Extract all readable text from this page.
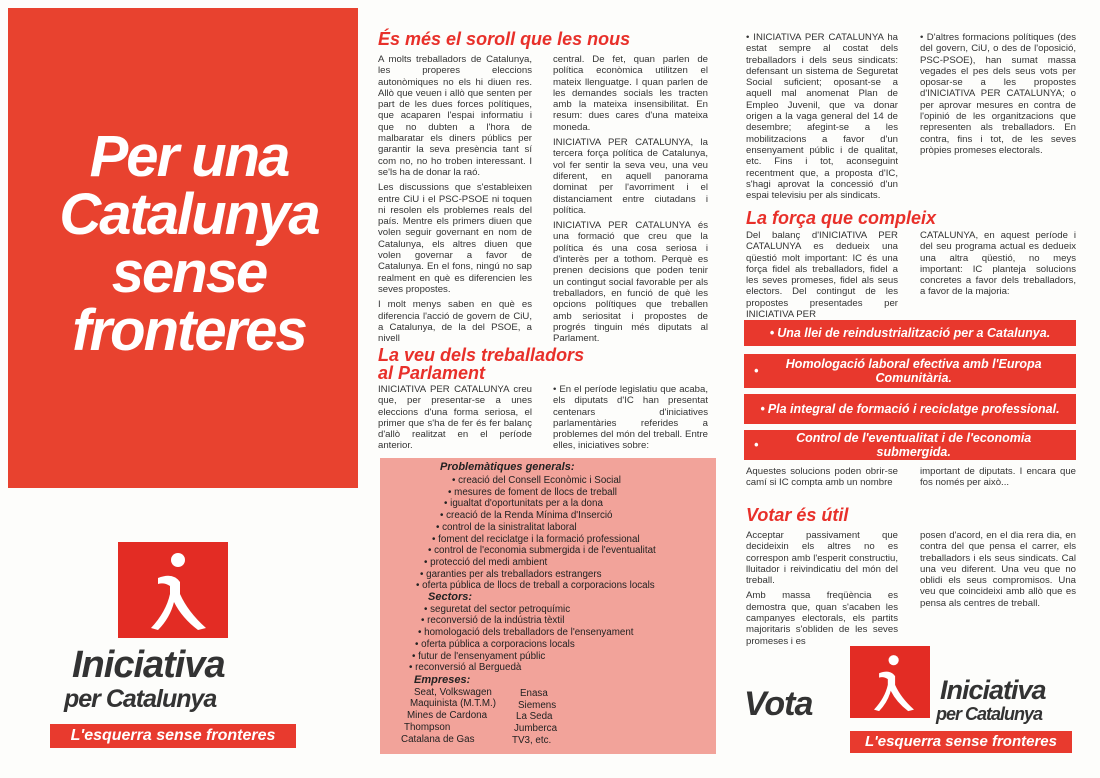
Per una
Catalunya
sense
fronteres
Iniciativa
per Catalunya
L'esquerra sense fronteres
És més el soroll que les nous

A molts treballadors de Catalunya, les properes eleccions autonòmiques no els hi diuen res. Allò que veuen i allò que senten per part de les dues forces polítiques, que acaparen l'espai informatiu i que no dubten a l'hora de malbaratar els diners públics per garantir la seva presència tant sí com no, no ho troben interessant. I se'ls ha de donar la raó.

Les discussions que s'estableixen entre CiU i el PSC-PSOE ni toquen ni resolen els problemes reals del país. Mentre els primers diuen que volen seguir governant en nom de Catalunya, els altres diuen que volen governar a favor de Catalunya. En el fons, ningú no sap realment en què es diferencien les seves propostes.

I molt menys saben en què es diferencia l'acció de govern de CiU, a Catalunya, de la del PSOE, a nivell

central. De fet, quan parlen de política econòmica utilitzen el mateix llenguatge. I quan parlen de les demandes socials les tracten amb la mateixa insensibilitat. En resum: dues cares d'una mateixa moneda.

INICIATIVA PER CATALUNYA, la tercera força política de Catalunya, vol fer sentir la seva veu, una veu diferent, en aquell panorama dominat per l'avorriment i el distanciament entre ciutadans i política.

INICIATIVA PER CATALUNYA és una formació que creu que la política és una cosa seriosa i d'interès per a tothom. Perquè es prenen decisions que poden tenir un contingut social favorable per als treballadors, en funció de què les opcions polítiques que treballen amb seriositat i propostes de progrés tinguin més diputats al Parlament.

La veu dels treballadors
al Parlament
INICIATIVA PER CATALUNYA creu que, per presentar-se a unes eleccions d'una forma seriosa, el primer que s'ha de fer és fer balanç d'allò realitzat en el període anterior.
• En el període legislatiu que acaba, els diputats d'IC han presentat centenars d'iniciatives parlamentàries referides a problemes del món del treball. Entre elles, iniciatives sobre:
Problemàtiques generals:
• creació del Consell Econòmic i Social
• mesures de foment de llocs de treball
• igualtat d'oportunitats per a la dona
• creació de la Renda Mínima d'Inserció
• control de la sinistralitat laboral
• foment del reciclatge i la formació professional
• control de l'economia submergida i de l'eventualitat
• protecció del medi ambient
• garanties per als treballadors estrangers
• oferta pública de llocs de treball a corporacions locals
Sectors:
• seguretat del sector petroquímic
• reconversió de la indústria tèxtil
• homologació dels treballadors de l'ensenyament
• oferta pública a corporacions locals
• futur de l'ensenyament públic
• reconversió al Berguedà
Empreses:
Seat, Volkswagen
Maquinista (M.T.M.)
Mines de Cardona
Thompson
Catalana de Gas
Enasa
Siemens
La Seda
Jumberca
TV3, etc.
• INICIATIVA PER CATALUNYA ha estat sempre al costat dels treballadors i dels seus sindicats: defensant un sistema de Seguretat Social suficient; oposant-se a aquell mal anomenat Plan de Empleo Juvenil, que va donar origen a la vaga general del 14 de desembre; afegint-se a les mobilitzacions a favor d'un ensenyament públic i de qualitat, etc. Fins i tot, aconseguint recentment que, a proposta d'IC, s'hagi aprovat la concessió d'un espai televisiu per als sindicats.
• D'altres formacions polítiques (des del govern, CiU, o des de l'oposició, PSC-PSOE), han sumat massa vegades el pes dels seus vots per oposar-se a les propostes d'INICIATIVA PER CATALUNYA; o per aprovar mesures en contra de l'opinió de les organitzacions que representen als treballadors. En contra, fins i tot, de les seves pròpies promeses electorals.
La força que compleix
Del balanç d'INICIATIVA PER CATALUNYA es dedueix una qüestió molt important: IC és una força fidel als treballadors, fidel a les seves promeses, fidel als seus electors. Del contingut de les propostes presentades per INICIATIVA PER
CATALUNYA, en aquest període i del seu programa actual es dedueix una altra qüestió, no meys important: IC planteja solucions concretes a favor dels treballadors, a favor de la majoria:
• Una llei de reindustrialització per a Catalunya.
• Homologació laboral efectiva amb l'Europa Comunitària.
• Pla integral de formació i reciclatge professional.
• Control de l'eventualitat i de l'economia submergida.
Aquestes solucions poden obrir-se camí si IC compta amb un nombre
important de diputats. I encara que fos només per això...
Votar és útil

Acceptar passivament que decideixin els altres no es correspon amb l'esperit constructiu, lluitador i reivindicatiu del món del treball.

Amb massa freqüència es demostra que, quan s'acaben les campanyes electorals, els partits majoritaris s'obliden de les seves promeses i es

posen d'acord, en el dia rera dia, en contra del que pensa el carrer, els treballadors i els seus sindicats. Cal una veu diferent. Una veu que no oblidi els seus compromisos. Una veu que coincideixi amb allò que es pensa als centres de treball.
Vota	Iniciativa
per Catalunya
L'esquerra sense fronteres
